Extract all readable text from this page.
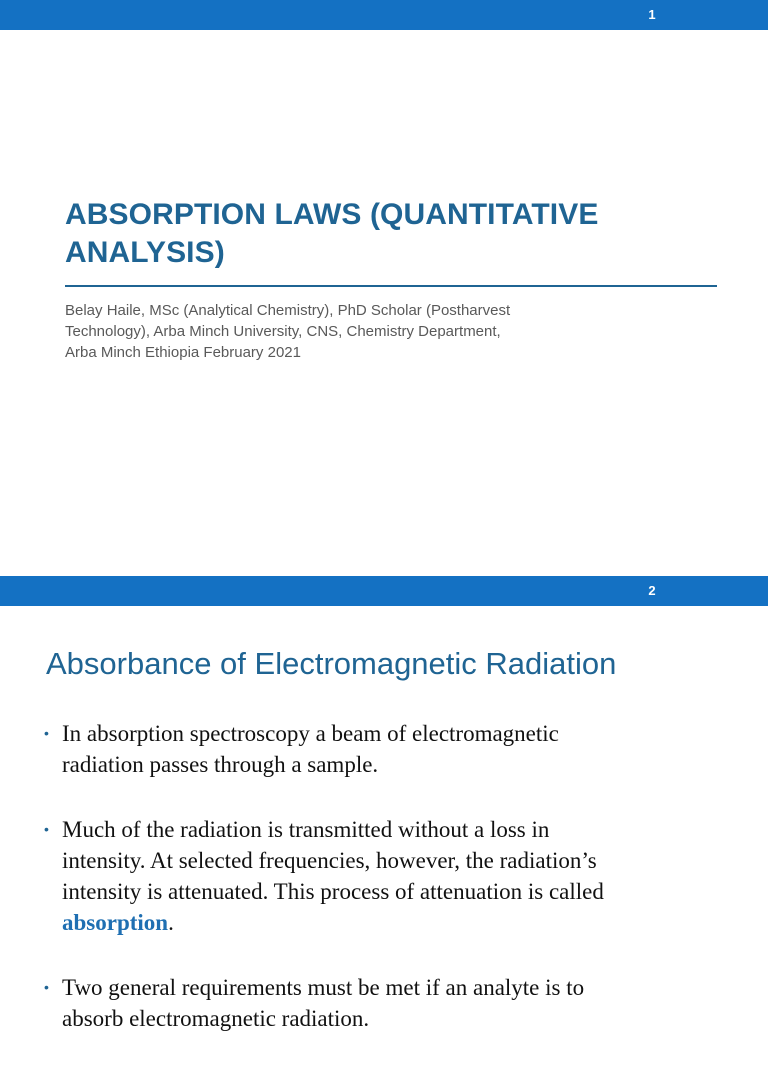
1
ABSORPTION LAWS (QUANTITATIVE
ANALYSIS)

Belay Haile, MSc (Analytical Chemistry), PhD Scholar (Postharvest
Technology), Arba Minch University, CNS, Chemistry Department,
Arba Minch Ethiopia February 2021

2
Absorbance of Electromagnetic Radiation
• In absorption spectroscopy a beam of electromagnetic
radiation passes through a sample.
• Much of the radiation is transmitted without a loss in
intensity. At selected frequencies, however, the radiation’s
intensity is attenuated. This process of attenuation is called
absorption.
• Two general requirements must be met if an analyte is to
absorb electromagnetic radiation.
